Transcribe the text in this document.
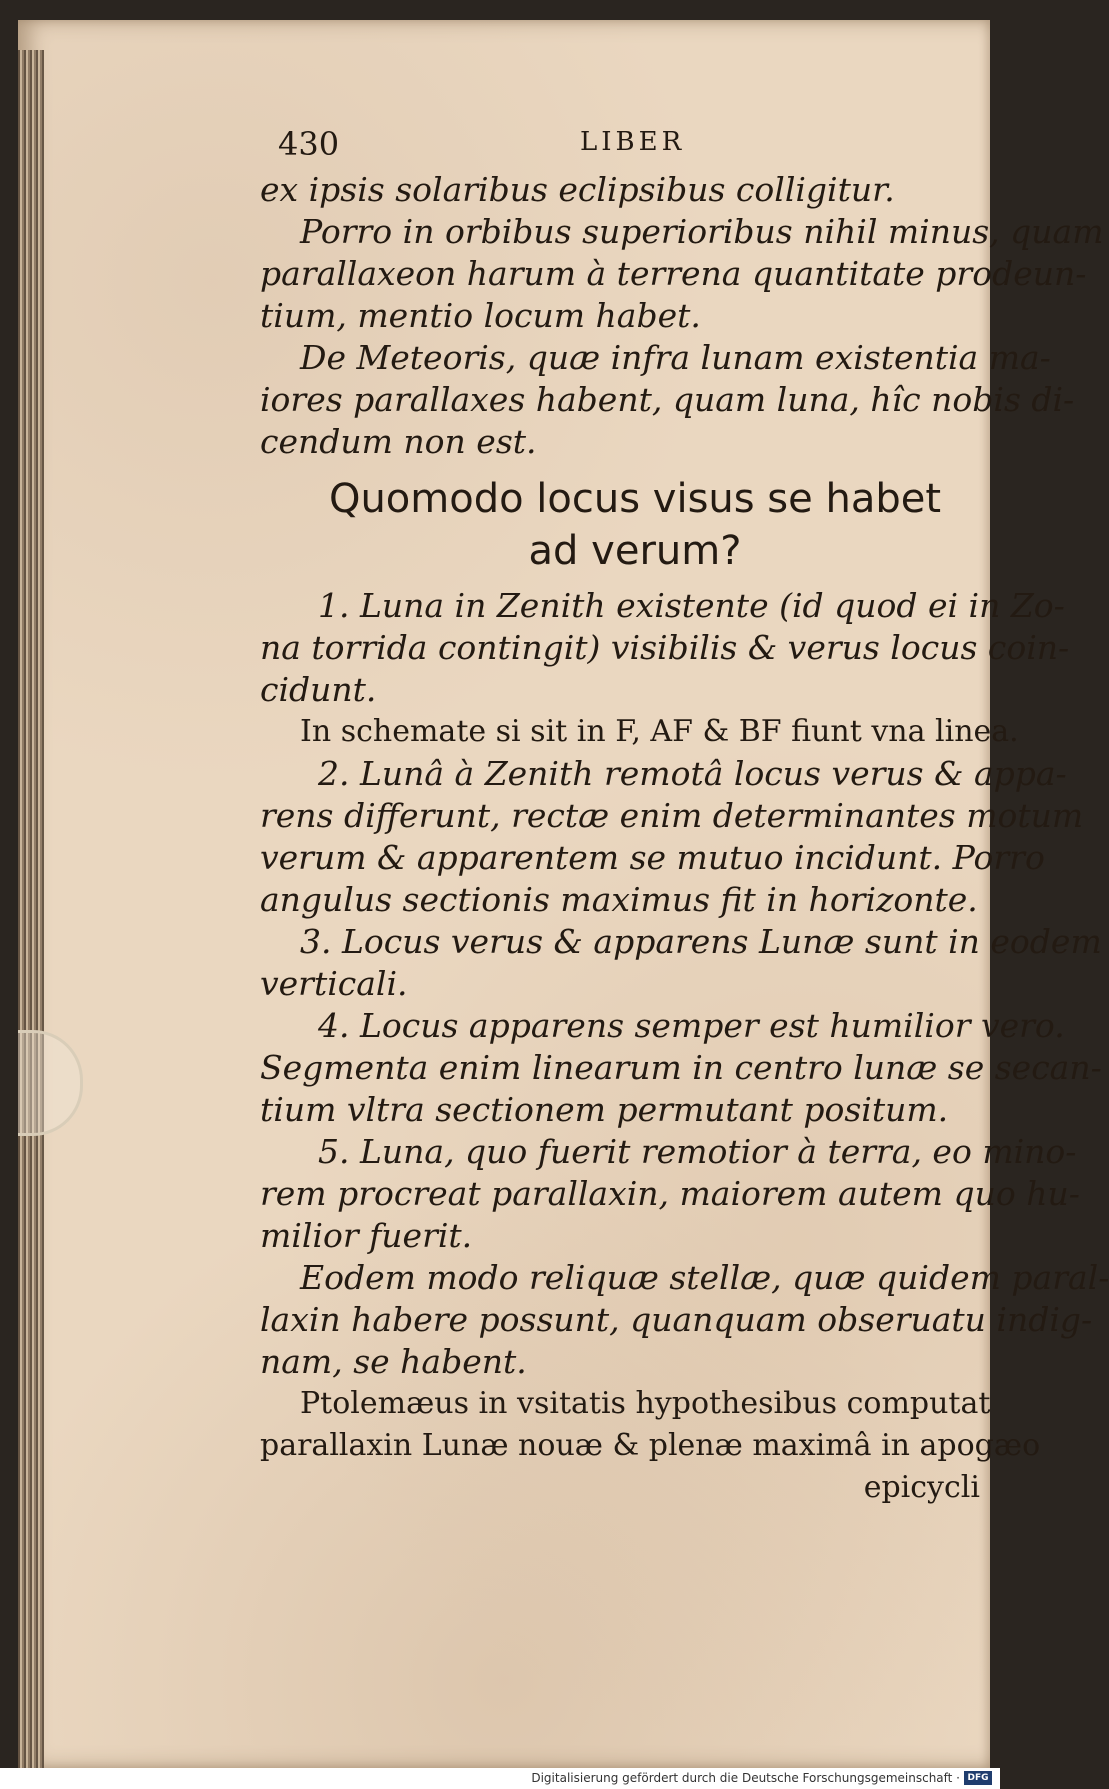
430	LIBER
ex ipsis solaribus eclipsibus colligitur.
Porro in orbibus superioribus nihil minus, quam
parallaxeon harum à terrena quantitate prodeun-
tium, mentio locum habet.
De Meteoris, quæ infra lunam existentia ma-
iores parallaxes habent, quam luna, hîc nobis di-
cendum non est.
Quomodo locus visus se habet
ad verum?
1. Luna in Zenith existente (id quod ei in Zo-
na torrida contingit) visibilis & verus locus coin-
cidunt.
In schemate si sit in F, AF & BF fiunt vna linea.
2. Lunâ à Zenith remotâ locus verus & appa-
rens differunt, rectæ enim determinantes motum
verum & apparentem se mutuo incidunt. Porro
angulus sectionis maximus fit in horizonte.
3. Locus verus & apparens Lunæ sunt in eodem
verticali.
4. Locus apparens semper est humilior vero.
Segmenta enim linearum in centro lunæ se secan-
tium vltra sectionem permutant positum.
5. Luna, quo fuerit remotior à terra, eo mino-
rem procreat parallaxin, maiorem autem quo hu-
milior fuerit.
Eodem modo reliquæ stellæ, quæ quidem paral-
laxin habere possunt, quanquam obseruatu indig-
nam, se habent.
Ptolemæus in vsitatis hypothesibus computat
parallaxin Lunæ nouæ & plenæ maximâ in apogæo
epicycli
Digitalisierung gefördert durch die Deutsche Forschungsgemeinschaft · DFG
